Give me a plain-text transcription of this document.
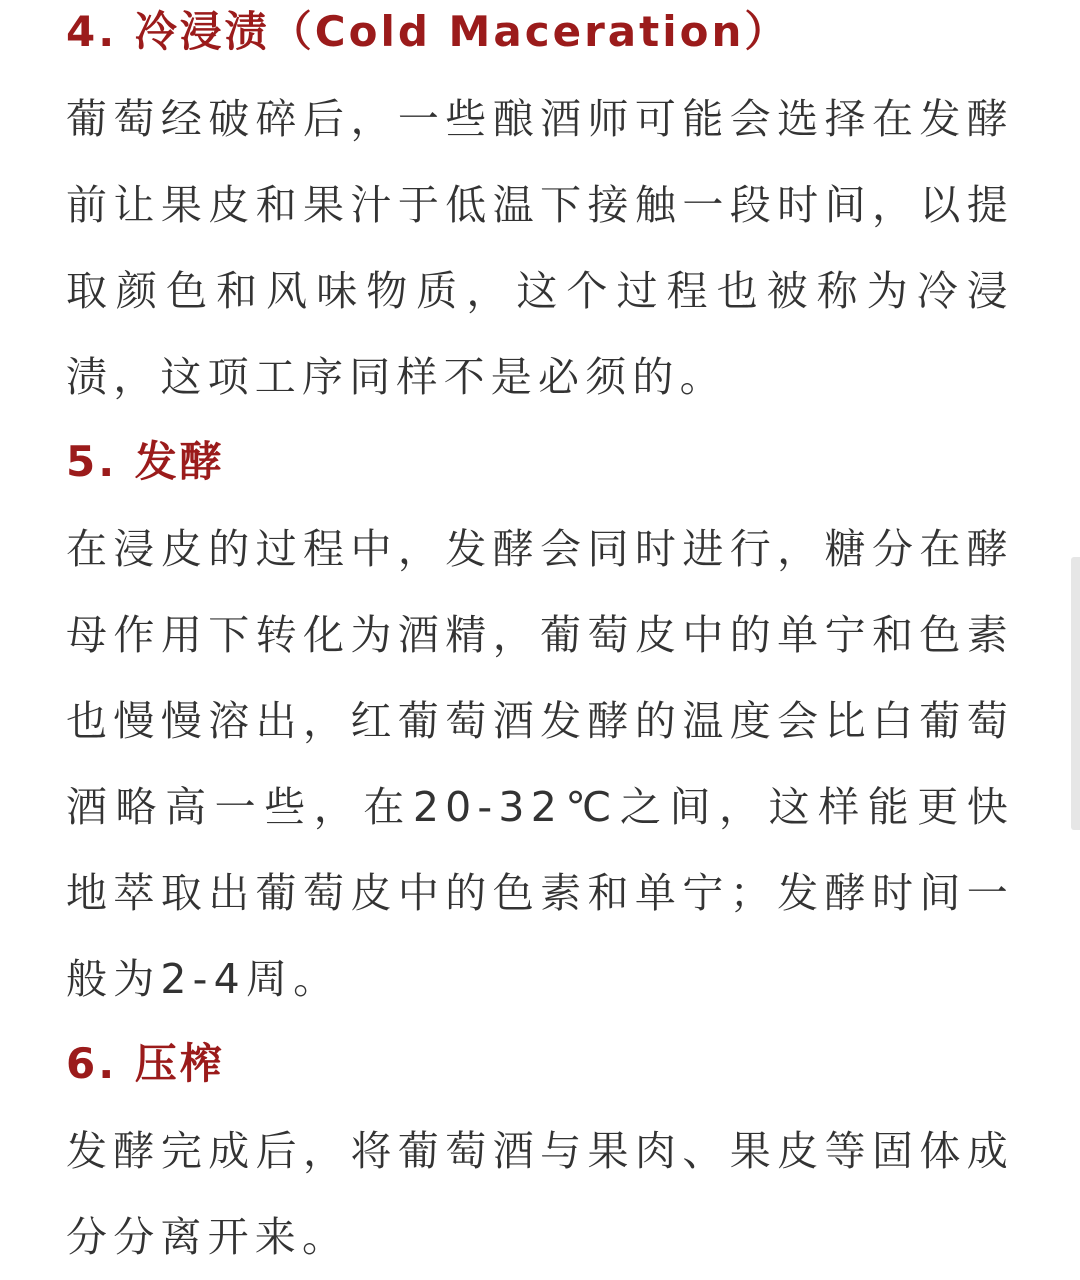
4. 冷浸渍（Cold Maceration）

葡萄经破碎后，一些酿酒师可能会选择在发酵前让果皮和果汁于低温下接触一段时间，以提取颜色和风味物质，这个过程也被称为冷浸渍，这项工序同样不是必须的。

5. 发酵

在浸皮的过程中，发酵会同时进行，糖分在酵母作用下转化为酒精，葡萄皮中的单宁和色素也慢慢溶出，红葡萄酒发酵的温度会比白葡萄酒略高一些，在20-32℃之间，这样能更快地萃取出葡萄皮中的色素和单宁；发酵时间一般为2-4周。

6. 压榨

发酵完成后，将葡萄酒与果肉、果皮等固体成分分离开来。
